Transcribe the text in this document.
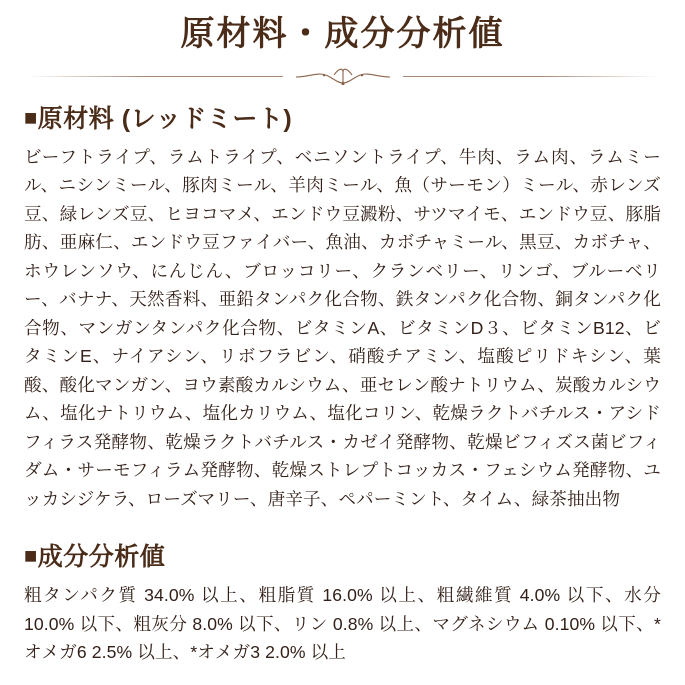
原材料・成分分析値
■原材料 (レッドミート)
ビーフトライプ、ラムトライプ、ベニソントライプ、牛肉、ラム肉、ラムミール、ニシンミール、豚肉ミール、羊肉ミール、魚（サーモン）ミール、赤レンズ豆、緑レンズ豆、ヒヨコマメ、エンドウ豆澱粉、サツマイモ、エンドウ豆、豚脂肪、亜麻仁、エンドウ豆ファイバー、魚油、カボチャミール、黒豆、カボチャ、ホウレンソウ、にんじん、ブロッコリー、クランベリー、リンゴ、ブルーベリー、バナナ、天然香料、亜鉛タンパク化合物、鉄タンパク化合物、銅タンパク化合物、マンガンタンパク化合物、ビタミンA、ビタミンD３、ビタミンB12、ビタミンE、ナイアシン、リボフラビン、硝酸チアミン、塩酸ピリドキシン、葉酸、酸化マンガン、ヨウ素酸カルシウム、亜セレン酸ナトリウム、炭酸カルシウム、塩化ナトリウム、塩化カリウム、塩化コリン、乾燥ラクトバチルス・アシドフィラス発酵物、乾燥ラクトバチルス・カゼイ発酵物、乾燥ビフィズス菌ビフィダム・サーモフィラム発酵物、乾燥ストレプトコッカス・フェシウム発酵物、ユッカシジケラ、ローズマリー、唐辛子、ペパーミント、タイム、緑茶抽出物
■成分分析値
粗タンパク質 34.0% 以上、粗脂質 16.0% 以上、粗繊維質 4.0% 以下、水分 10.0% 以下、粗灰分 8.0% 以下、リン 0.8% 以上、マグネシウム 0.10% 以下、*オメガ6 2.5% 以上、*オメガ3 2.0% 以上
